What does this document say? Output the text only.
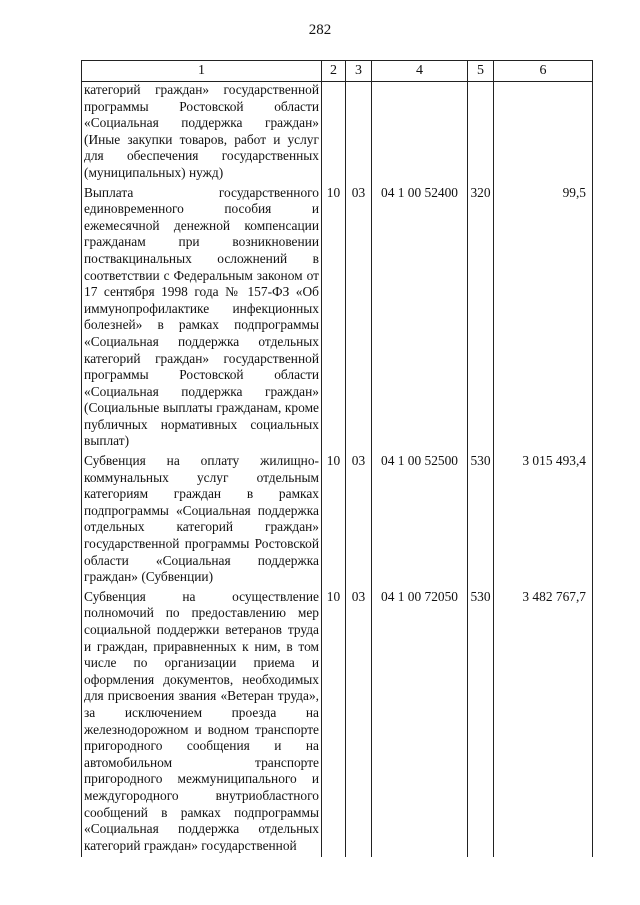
282
1	2	3	4	5	6
категорий граждан» государственной программы Ростовской области «Социальная поддержка граждан» (Иные закупки товаров, работ и услуг для обеспечения государственных (муниципальных) нужд)					
Выплата государственного единовременного пособия и ежемесячной денежной компенсации гражданам при возникновении поствакцинальных осложнений в соответствии с Федеральным законом от 17 сентября 1998 года № 157-ФЗ «Об иммунопрофилактике инфекционных болезней» в рамках подпрограммы «Социальная поддержка отдельных категорий граждан» государственной программы Ростовской области «Социальная поддержка граждан» (Социальные выплаты гражданам, кроме публичных нормативных социальных выплат)	10	03	04 1 00 52400	320	99,5
Субвенция на оплату жилищно-коммунальных услуг отдельным категориям граждан в рамках подпрограммы «Социальная поддержка отдельных категорий граждан» государственной программы Ростовской области «Социальная поддержка граждан» (Субвенции)	10	03	04 1 00 52500	530	3 015 493,4
Субвенция на осуществление полномочий по предоставлению мер социальной поддержки ветеранов труда и граждан, приравненных к ним, в том числе по организации приема и оформления документов, необходимых для присвоения звания «Ветеран труда», за исключением проезда на железнодорожном и водном транспорте пригородного сообщения и на автомобильном транспорте пригородного межмуниципального и междугородного внутриобластного сообщений в рамках подпрограммы «Социальная поддержка отдельных категорий граждан» государственной	10	03	04 1 00 72050	530	3 482 767,7
